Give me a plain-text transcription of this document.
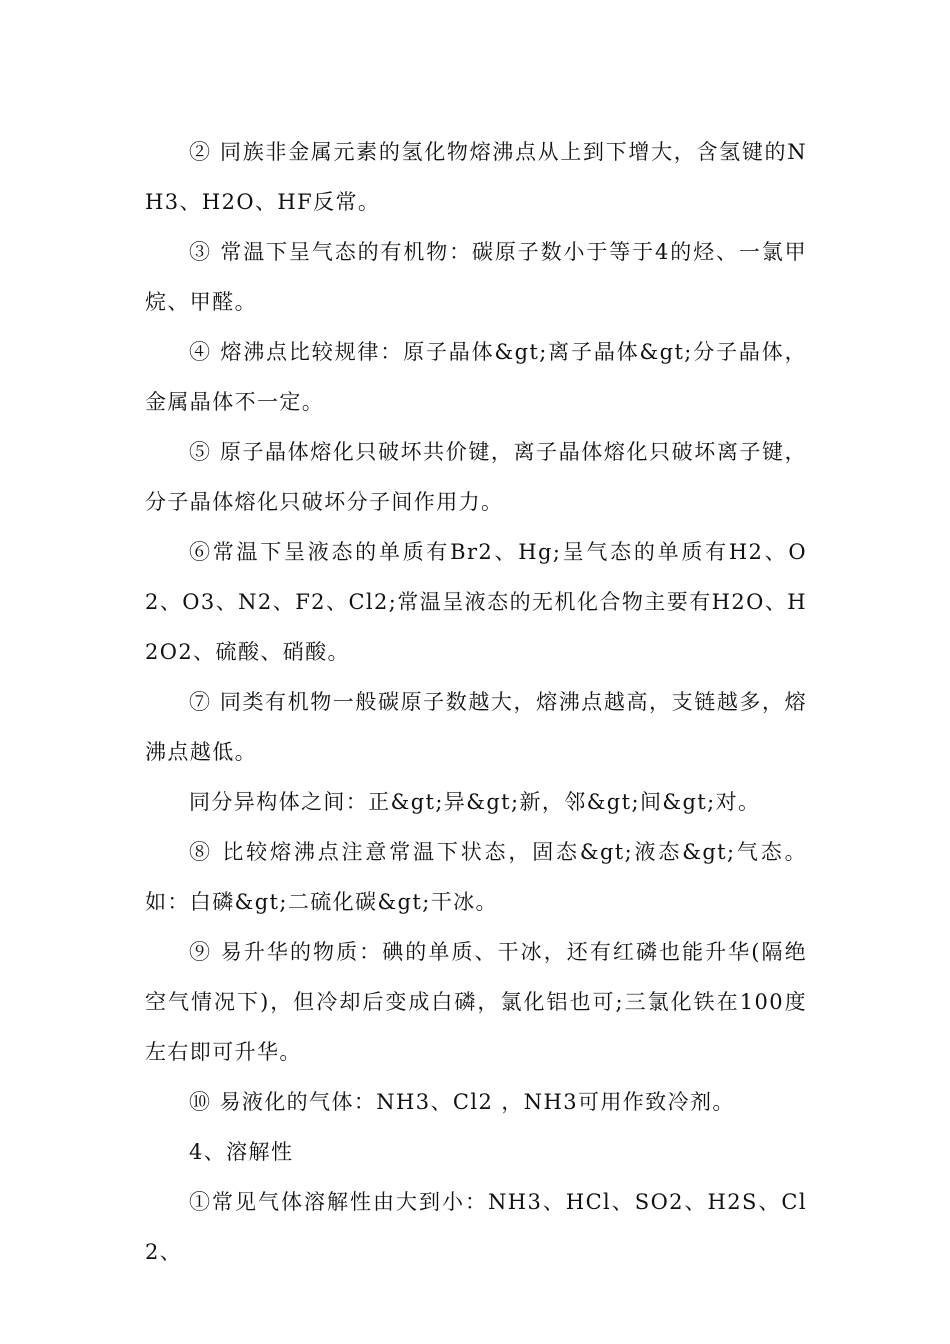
② 同族非金属元素的氢化物熔沸点从上到下增大，含氢键的NH3、H2O、HF反常。

③ 常温下呈气态的有机物：碳原子数小于等于4的烃、一氯甲烷、甲醛。

④ 熔沸点比较规律：原子晶体&gt;离子晶体&gt;分子晶体，金属晶体不一定。

⑤ 原子晶体熔化只破坏共价键，离子晶体熔化只破坏离子键，分子晶体熔化只破坏分子间作用力。

⑥常温下呈液态的单质有Br2、Hg;呈气态的单质有H2、O2、O3、N2、F2、Cl2;常温呈液态的无机化合物主要有H2O、H2O2、硫酸、硝酸。

⑦ 同类有机物一般碳原子数越大，熔沸点越高，支链越多，熔沸点越低。

同分异构体之间：正&gt;异&gt;新，邻&gt;间&gt;对。

⑧ 比较熔沸点注意常温下状态，固态&gt;液态&gt;气态。如：白磷&gt;二硫化碳&gt;干冰。

⑨ 易升华的物质：碘的单质、干冰，还有红磷也能升华(隔绝空气情况下)，但冷却后变成白磷，氯化铝也可;三氯化铁在100度左右即可升华。

⑩ 易液化的气体：NH3、Cl2 ，NH3可用作致冷剂。

4、溶解性

①常见气体溶解性由大到小：NH3、HCl、SO2、H2S、Cl2、
